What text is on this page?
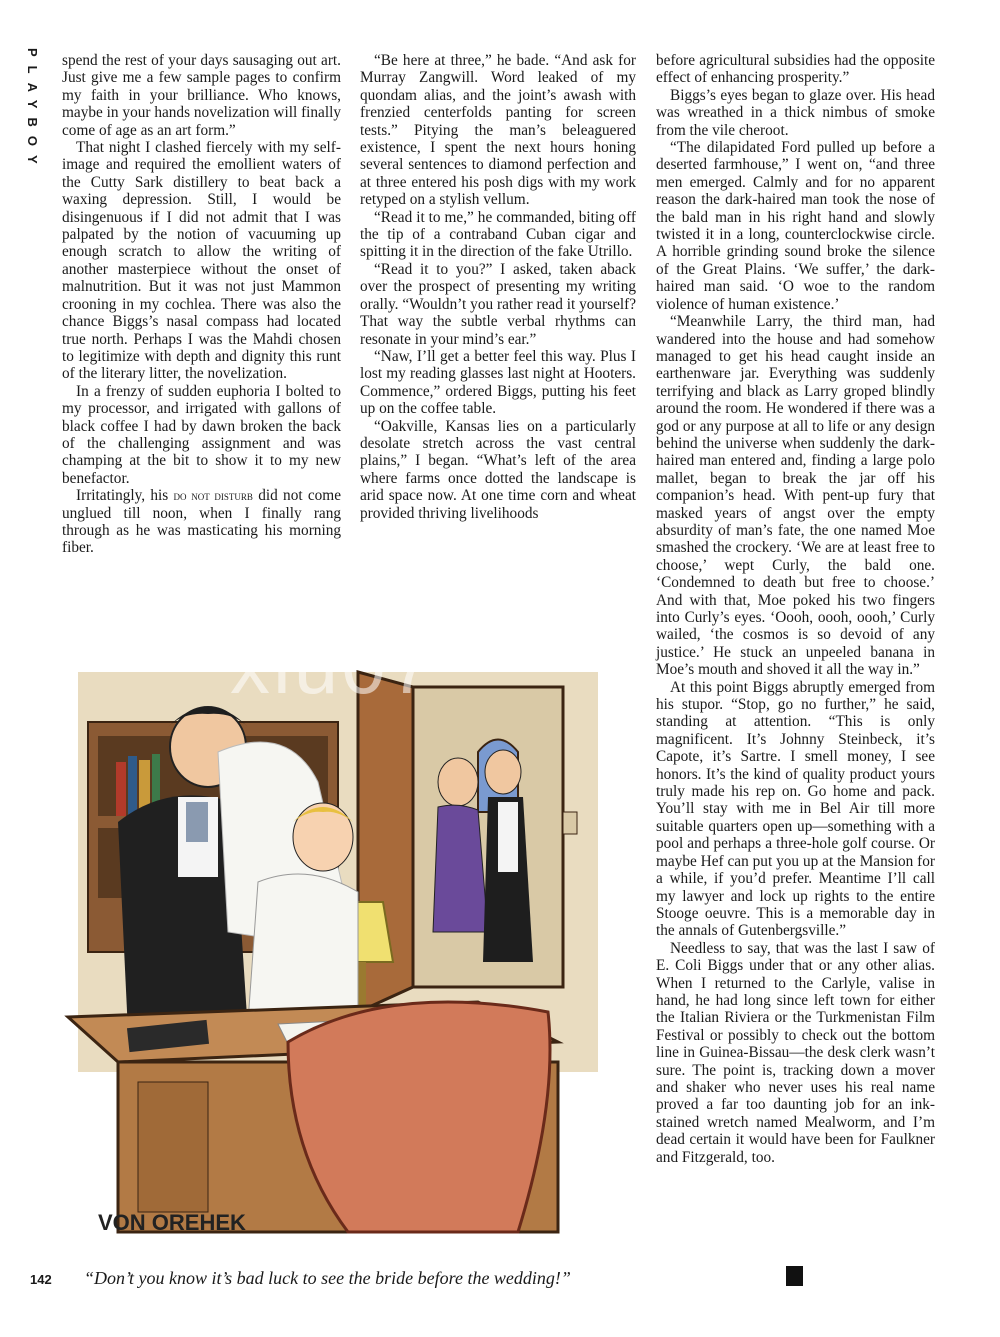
PLAYBOY spend the rest of your days sausaging out art. Just give me a few sample pages to confirm my faith in your brilliance. Who knows, maybe in your hands novelization will finally come of age as an art form.”

That night I clashed fiercely with my self-image and required the emollient waters of the Cutty Sark distillery to beat back a waxing depression. Still, I would be disingenuous if I did not admit that I was palpated by the notion of vacuuming up enough scratch to allow the writing of another masterpiece without the onset of malnutrition. But it was not just Mammon crooning in my cochlea. There was also the chance Biggs’s nasal compass had located true north. Perhaps I was the Mahdi chosen to legitimize with depth and dignity this runt of the literary litter, the novelization.

In a frenzy of sudden euphoria I bolted to my processor, and irrigated with gallons of black coffee I had by dawn broken the back of the challenging assignment and was champing at the bit to show it to my new benefactor.

Irritatingly, his do not disturb did not come unglued till noon, when I finally rang through as he was masticating his morning fiber.

“Be here at three,” he bade. “And ask for Murray Zangwill. Word leaked of my quondam alias, and the joint’s awash with frenzied centerfolds panting for screen tests.” Pitying the man’s beleaguered existence, I spent the next hours honing several sentences to diamond perfection and at three entered his posh digs with my work retyped on a stylish vellum.

“Read it to me,” he commanded, biting off the tip of a contraband Cuban cigar and spitting it in the direction of the fake Utrillo.

“Read it to you?” I asked, taken aback over the prospect of presenting my writing orally. “Wouldn’t you rather read it yourself? That way the subtle verbal rhythms can resonate in your mind’s ear.”

“Naw, I’ll get a better feel this way. Plus I lost my reading glasses last night at Hooters. Commence,” ordered Biggs, putting his feet up on the coffee table.

“Oakville, Kansas lies on a particularly desolate stretch across the vast central plains,” I began. “What’s left of the area where farms once dotted the landscape is arid space now. At one time corn and wheat provided thriving livelihoods

before agricultural subsidies had the opposite effect of enhancing prosperity.”

Biggs’s eyes began to glaze over. His head was wreathed in a thick nimbus of smoke from the vile cheroot.

“The dilapidated Ford pulled up before a deserted farmhouse,” I went on, “and three men emerged. Calmly and for no apparent reason the dark-haired man took the nose of the bald man in his right hand and slowly twisted it in a long, counterclockwise circle. A horrible grinding sound broke the silence of the Great Plains. ‘We suffer,’ the dark-haired man said. ‘O woe to the random violence of human existence.’

“Meanwhile Larry, the third man, had wandered into the house and had somehow managed to get his head caught inside an earthenware jar. Everything was suddenly terrifying and black as Larry groped blindly around the room. He wondered if there was a god or any purpose at all to life or any design behind the universe when suddenly the dark-haired man entered and, finding a large polo mallet, began to break the jar off his companion’s head. With pent-up fury that masked years of angst over the empty absurdity of man’s fate, the one named Moe smashed the crockery. ‘We are at least free to choose,’ wept Curly, the bald one. ‘Condemned to death but free to choose.’ And with that, Moe poked his two fingers into Curly’s eyes. ‘Oooh, oooh, oooh,’ Curly wailed, ‘the cosmos is so devoid of any justice.’ He stuck an unpeeled banana in Moe’s mouth and shoved it all the way in.”

At this point Biggs abruptly emerged from his stupor. “Stop, go no further,” he said, standing at attention. “This is only magnificent. It’s Johnny Steinbeck, it’s Capote, it’s Sartre. I smell money, I see honors. It’s the kind of quality product yours truly made his rep on. Go home and pack. You’ll stay with me in Bel Air till more suitable quarters open up—something with a pool and perhaps a three-hole golf course. Or maybe Hef can put you up at the Mansion for a while, if you’d prefer. Meantime I’ll call my lawyer and lock up rights to the entire Stooge oeuvre. This is a memorable day in the annals of Gutenbergsville.”

Needless to say, that was the last I saw of E. Coli Biggs under that or any other alias. When I returned to the Carlyle, valise in hand, he had long since left town for either the Italian Riviera or the Turkmenistan Film Festival or possibly to check out the bottom line in Guinea-Bissau—the desk clerk wasn’t sure. The point is, tracking down a mover and shaker who never uses his real name proved a far too daunting job for an ink-stained wretch named Mealworm, and I’m dead certain it would have been for Faulkner and Fitzgerald, too.

VON OREHEK
xiu07
142 “Don’t you know it’s bad luck to see the bride before the wedding!”
